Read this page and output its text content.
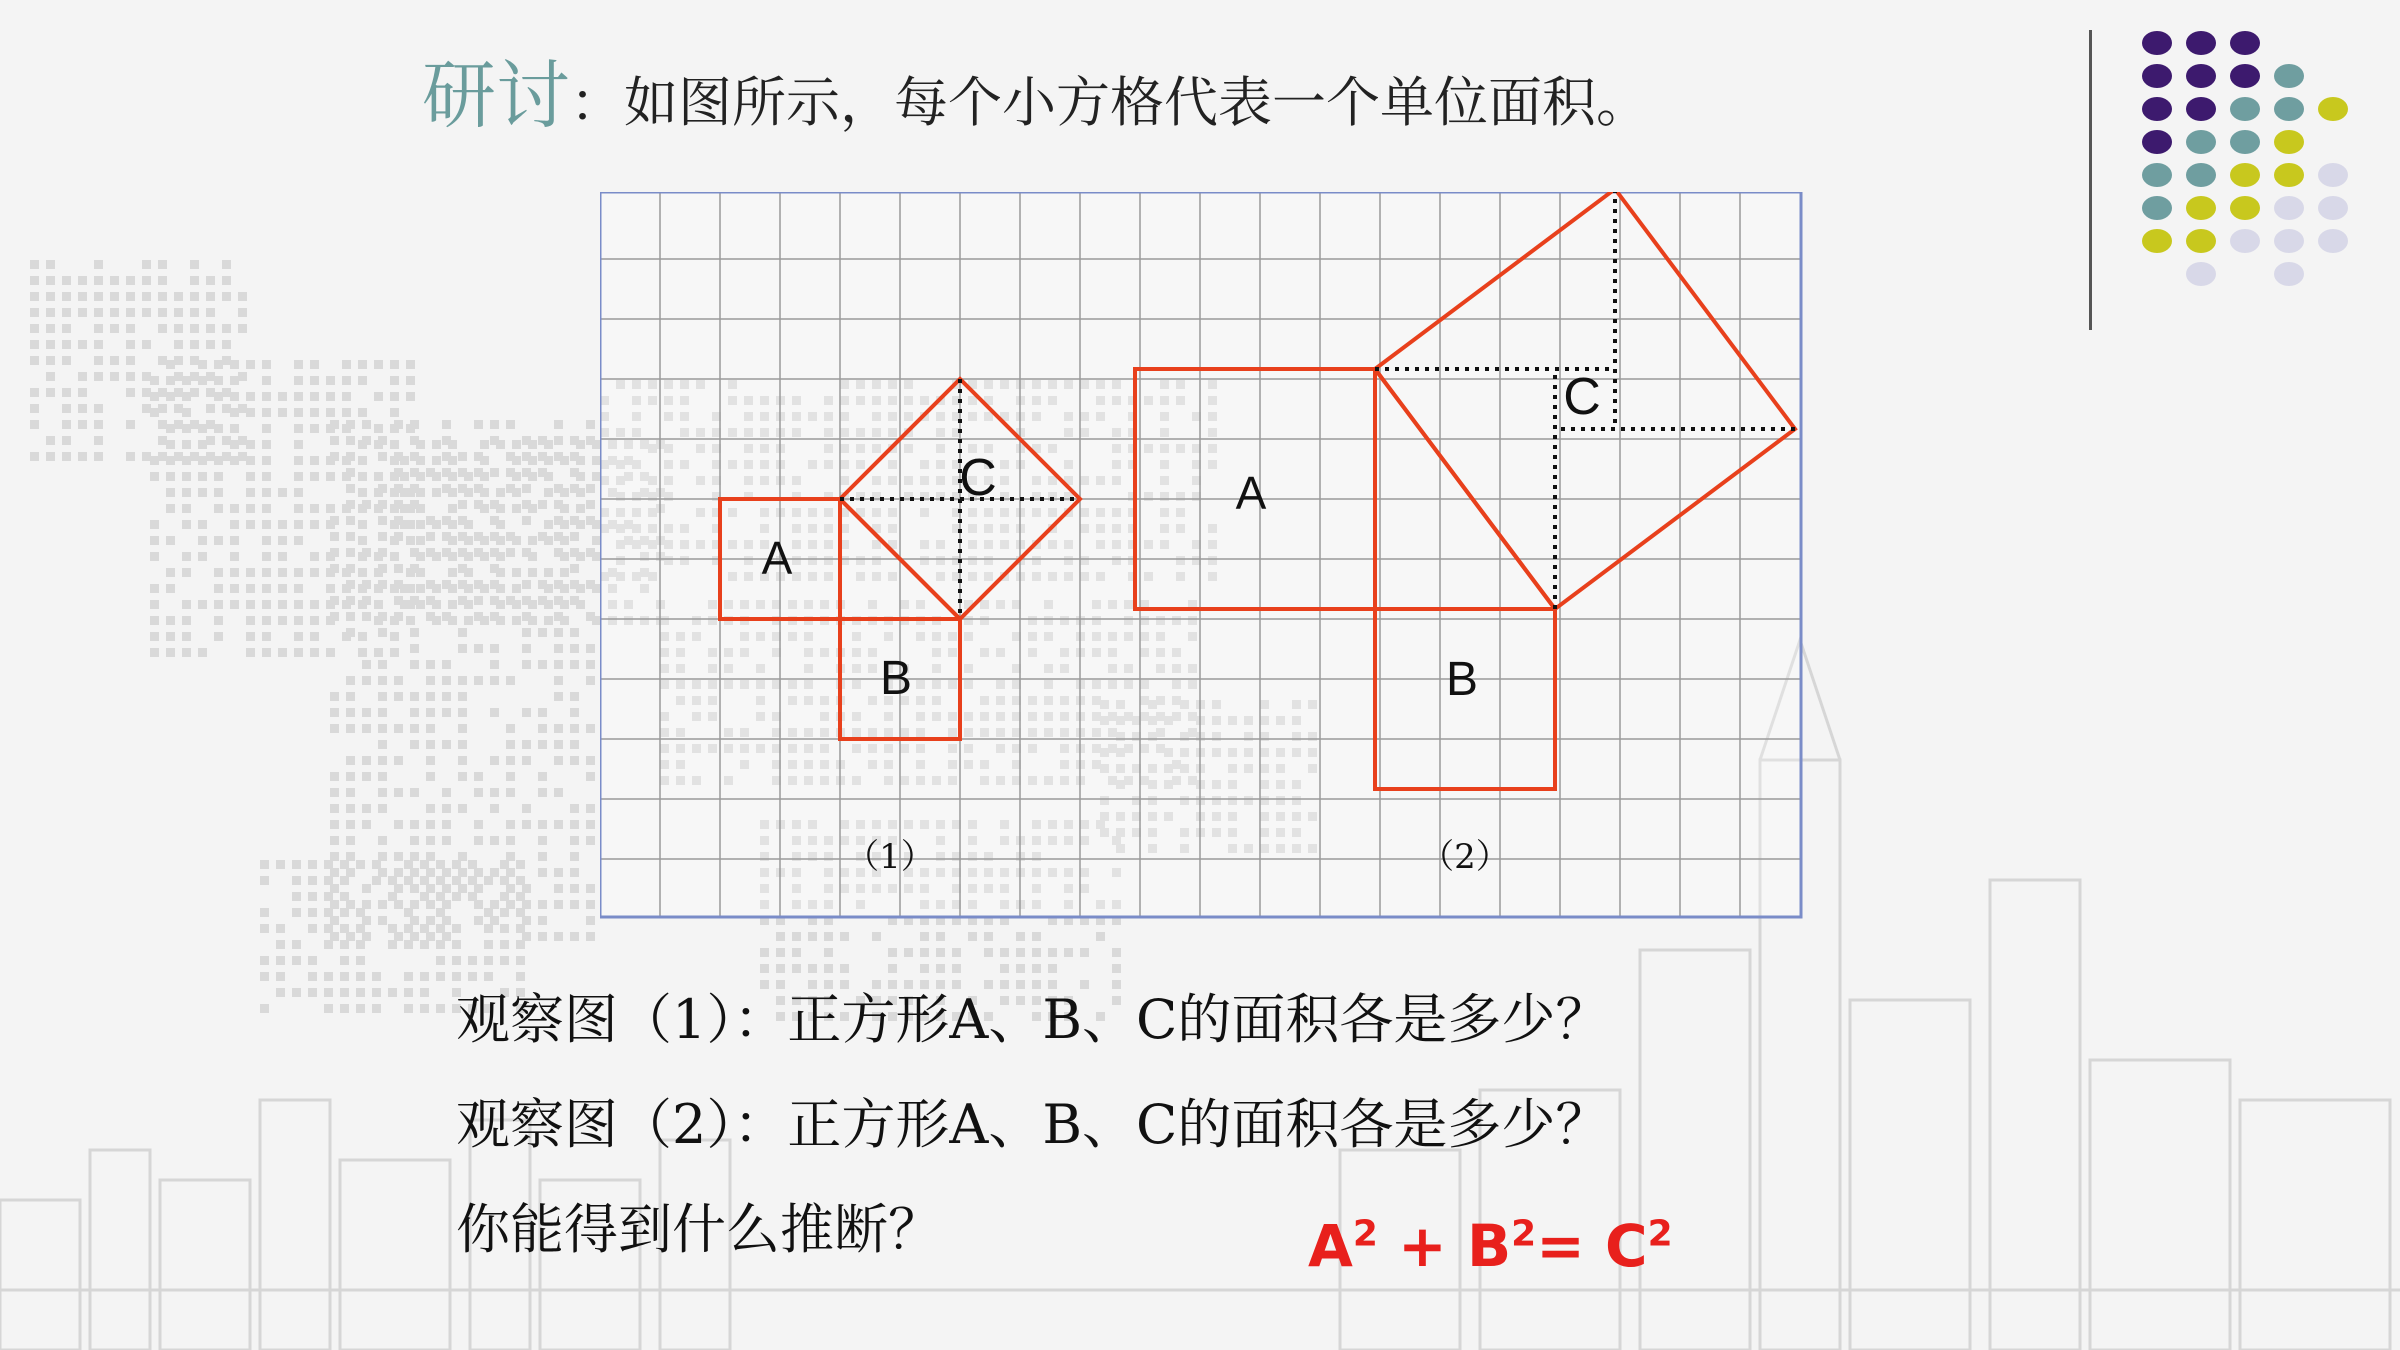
研讨：如图所示，每个小方格代表一个单位面积。
A
B
C
（1）
A
B
C
（2）
观察图（1）：正方形A、B、C的面积各是多少？
观察图（2）：正方形A、B、C的面积各是多少？
你能得到什么推断？	$A^2 + B^2= C^2$
